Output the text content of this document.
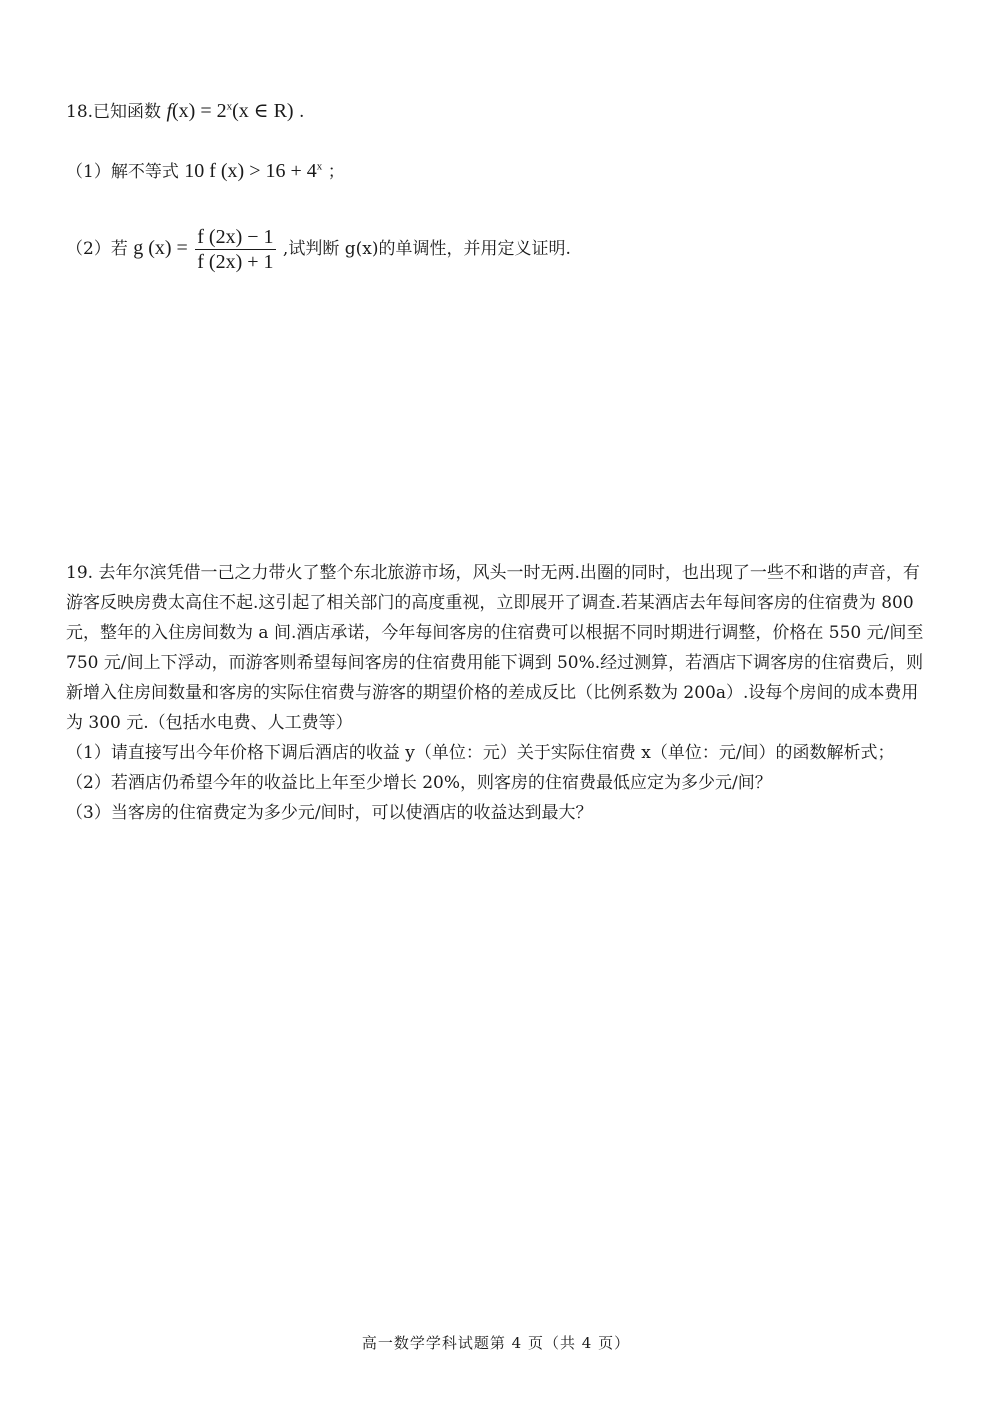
18.已知函数 $f(x) = 2^x(x$ ∈ R) .
（1）解不等式 10 f $(x) > 16 + 4^x$ ；
（2）若 g $(x) = \frac{f (2x) - 1}{f (2x) + 1}$ ,试判断 g(x)的单调性，并用定义证明.

19. 去年尔滨凭借一己之力带火了整个东北旅游市场，风头一时无两.出圈的同时，也出现了一些不和谐的声音，有游客反映房费太高住不起.这引起了相关部门的高度重视，立即展开了调查.若某酒店去年每间客房的住宿费为 800 元，整年的入住房间数为 a 间.酒店承诺，今年每间客房的住宿费可以根据不同时期进行调整，价格在 550 元/间至 750 元/间上下浮动，而游客则希望每间客房的住宿费用能下调到 50%.经过测算，若酒店下调客房的住宿费后，则新增入住房间数量和客房的实际住宿费与游客的期望价格的差成反比（比例系数为 200a）.设每个房间的成本费用为 300 元.（包括水电费、人工费等）

（1）请直接写出今年价格下调后酒店的收益 y（单位：元）关于实际住宿费 x（单位：元/间）的函数解析式；

（2）若酒店仍希望今年的收益比上年至少增长 20%，则客房的住宿费最低应定为多少元/间？

（3）当客房的住宿费定为多少元/间时，可以使酒店的收益达到最大？

高一数学学科试题第 4 页（共 4 页）
